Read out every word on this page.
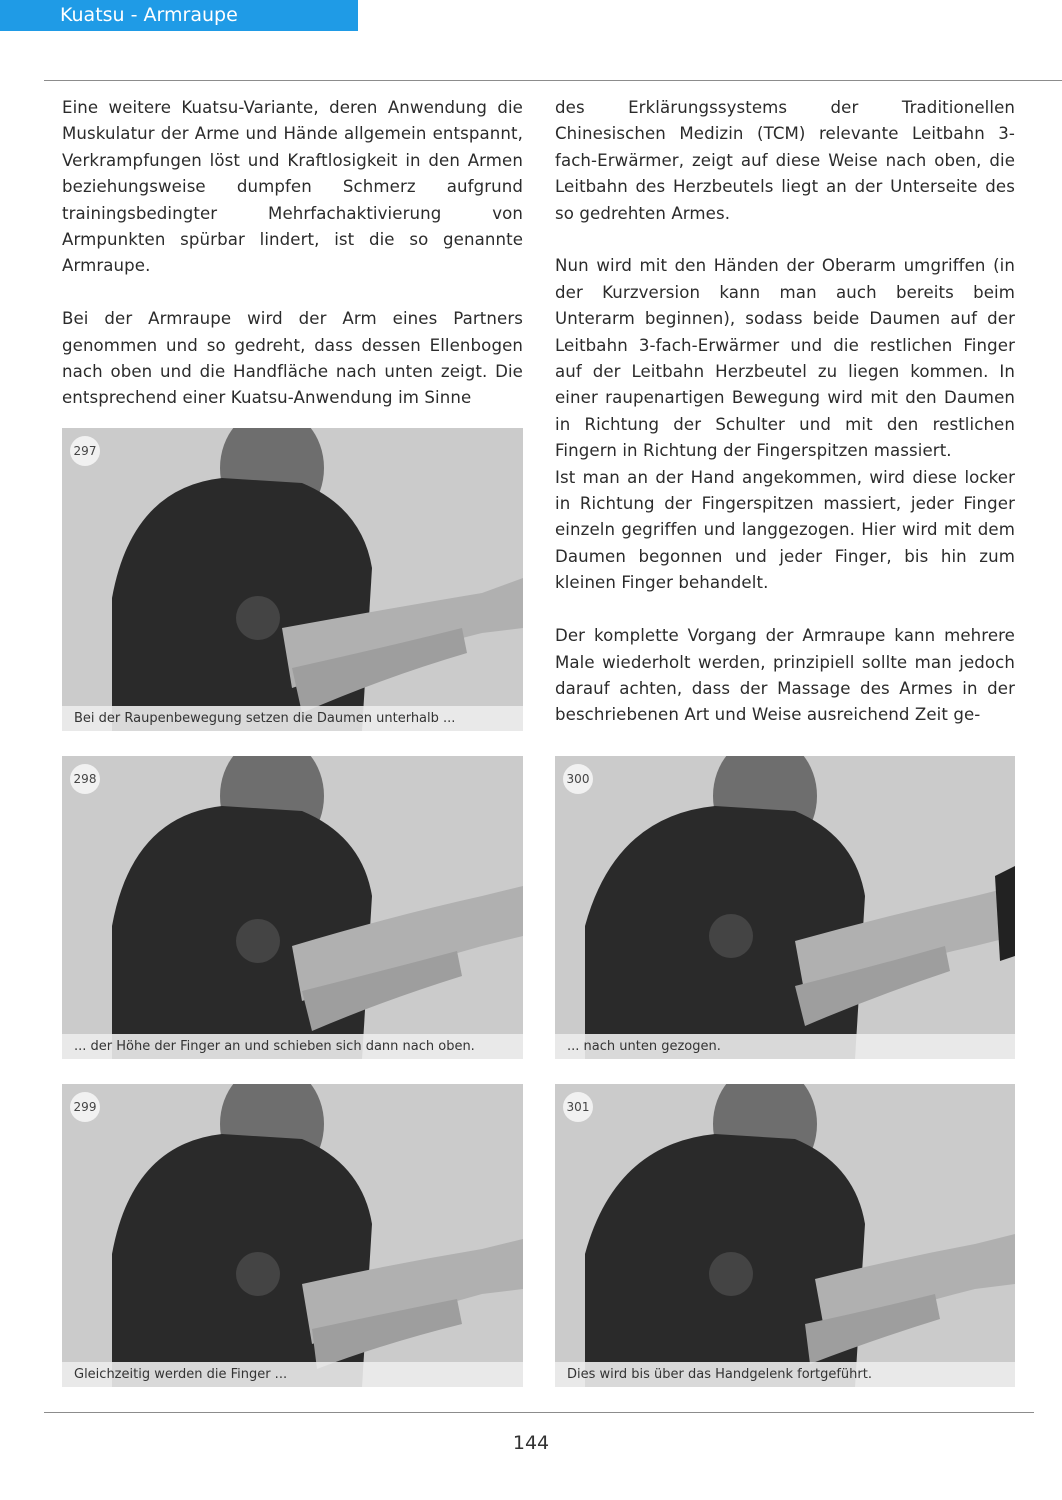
Kuatsu - Armraupe

Eine weitere Kuatsu-Variante, deren Anwendung die Muskulatur der Arme und Hände allgemein entspannt, Verkrampfungen löst und Kraftlosigkeit in den Armen beziehungsweise dumpfen Schmerz aufgrund trainingsbedingter Mehrfachaktivierung von Armpunkten spürbar lindert, ist die so genannte Armraupe.

Bei der Armraupe wird der Arm eines Partners genommen und so gedreht, dass dessen Ellenbogen nach oben und die Handfläche nach unten zeigt. Die entsprechend einer Kuatsu-Anwendung im Sinne

des Erklärungssystems der Traditionellen Chinesischen Medizin (TCM) relevante Leitbahn 3-fach-Erwärmer, zeigt auf diese Weise nach oben, die Leitbahn des Herzbeutels liegt an der Unterseite des so gedrehten Armes.

Nun wird mit den Händen der Oberarm umgriffen (in der Kurzversion kann man auch bereits beim Unterarm beginnen), sodass beide Daumen auf der Leitbahn 3-fach-Erwärmer und die restlichen Finger auf der Leitbahn Herzbeutel zu liegen kommen. In einer raupenartigen Bewegung wird mit den Daumen in Richtung der Schulter und mit den restlichen Fingern in Richtung der Fingerspitzen massiert.

Ist man an der Hand angekommen, wird diese locker in Richtung der Fingerspitzen massiert, jeder Finger einzeln gegriffen und langgezogen. Hier wird mit dem Daumen begonnen und jeder Finger, bis hin zum kleinen Finger behandelt.

Der komplette Vorgang der Armraupe kann mehrere Male wiederholt werden, prinzipiell sollte man jedoch darauf achten, dass der Massage des Armes in der beschriebenen Art und Weise ausreichend Zeit ge-

297
Bei der Raupenbewegung setzen die Daumen unterhalb ...
298
... der Höhe der Finger an und schieben sich dann nach oben.
299
Gleichzeitig werden die Finger ...
300
... nach unten gezogen.
301
Dies wird bis über das Handgelenk fortgeführt.
144
